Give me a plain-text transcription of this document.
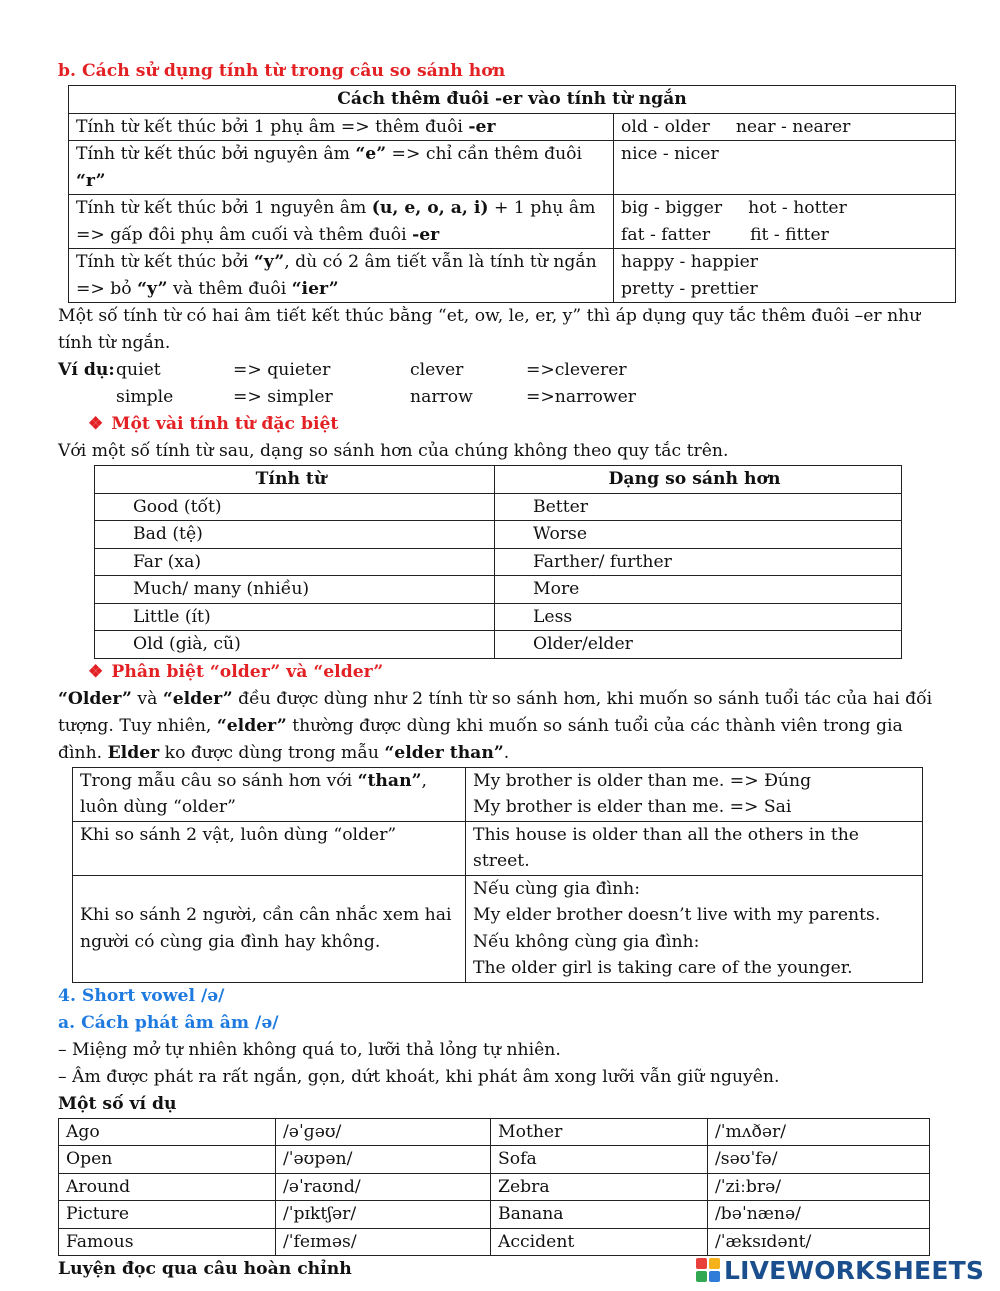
b. Cách sử dụng tính từ trong câu so sánh hơn
Cách thêm đuôi -er vào tính từ ngắn	
Tính từ kết thúc bởi 1 phụ âm => thêm đuôi -er	old - older near - nearer
Tính từ kết thúc bởi nguyên âm “e” => chỉ cần thêm đuôi “r”	nice - nicer
Tính từ kết thúc bởi 1 nguyên âm (u, e, o, a, i) + 1 phụ âm => gấp đôi phụ âm cuối và thêm đuôi -er	big - bigger hot - hotter
fat - fatter fit - fitter

Tính từ kết thúc bởi “y”, dù có 2 âm tiết vẫn là tính từ ngắn => bỏ “y” và thêm đuôi “ier”	happy - happier
pretty - prettier

Một số tính từ có hai âm tiết kết thúc bằng “et, ow, le, er, y” thì áp dụng quy tắc thêm đuôi –er như tính từ ngắn.

Ví dụ:quiet	=> quieter	clever	=>cleverer
simple	=> simpler	narrow	=>narrower
❖ Một vài tính từ đặc biệt

Với một số tính từ sau, dạng so sánh hơn của chúng không theo quy tắc trên.

Tính từ	Dạng so sánh hơn
Good (tốt)	Better
Bad (tệ)	Worse
Far (xa)	Farther/ further
Much/ many (nhiều)	More
Little (ít)	Less
Old (già, cũ)	Older/elder
❖ Phân biệt “older” và “elder”

“Older” và “elder” đều được dùng như 2 tính từ so sánh hơn, khi muốn so sánh tuổi tác của hai đối tượng. Tuy nhiên, “elder” thường được dùng khi muốn so sánh tuổi của các thành viên trong gia đình. Elder ko được dùng trong mẫu “elder than”.

Trong mẫu câu so sánh hơn với “than”, luôn dùng “older”	My brother is older than me. => Đúng
My brother is elder than me. => Sai

Khi so sánh 2 vật, luôn dùng “older”	This house is older than all the others in the street.
Khi so sánh 2 người, cần cân nhắc xem hai người có cùng gia đình hay không.	Nếu cùng gia đình:
My elder brother doesn’t live with my parents.
Nếu không cùng gia đình:
The older girl is taking care of the younger.
4. Short vowel /ə/
a. Cách phát âm âm /ə/
– Miệng mở tự nhiên không quá to, lưỡi thả lỏng tự nhiên.
– Âm được phát ra rất ngắn, gọn, dứt khoát, khi phát âm xong lưỡi vẫn giữ nguyên.
Một số ví dụ
Ago	/əˈɡəʊ/	Mother	/ˈmʌðər/
Open	/ˈəʊpən/	Sofa	/səʊˈfə/
Around	/əˈraʊnd/	Zebra	/ˈziːbrə/
Picture	/ˈpɪktʃər/	Banana	/bəˈnænə/
Famous	/ˈfeɪməs/	Accident	/ˈæksɪdənt/
Luyện đọc qua câu hoàn chỉnh	LIVEWORKSHEETS
